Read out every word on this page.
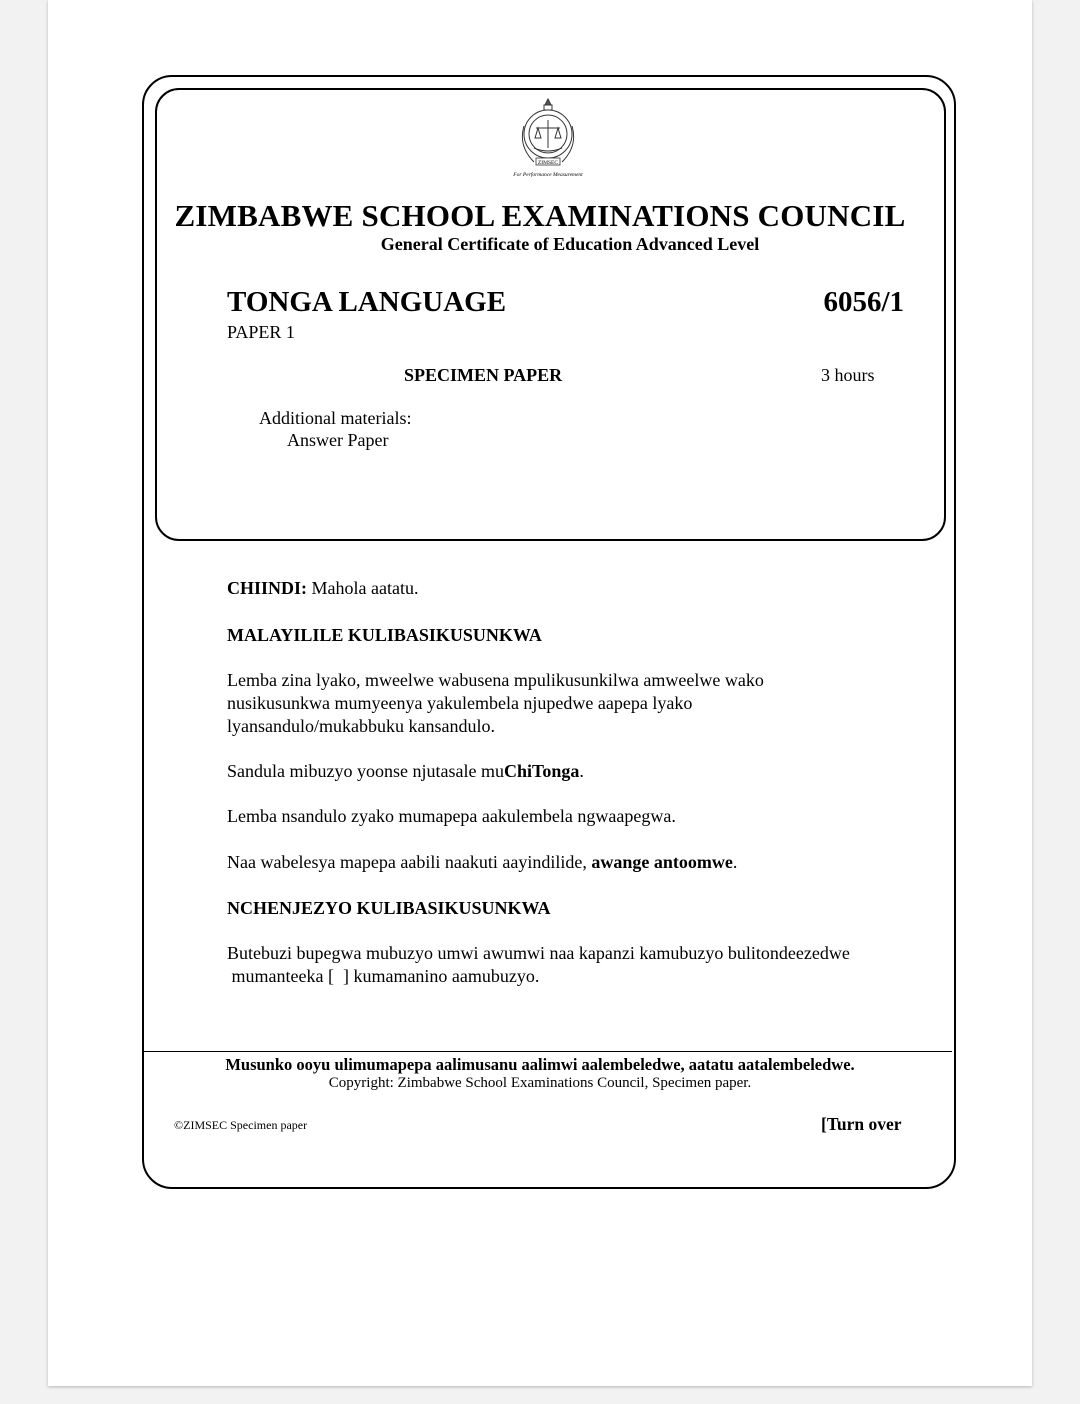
ZIMSEC
For Performance Measurement
ZIMBABWE SCHOOL EXAMINATIONS COUNCIL
General Certificate of Education Advanced Level
TONGA LANGUAGE	6056/1
PAPER 1
SPECIMEN PAPER	3 hours
Additional materials:
Answer Paper
CHIINDI: Mahola aatatu.
MALAYILILE KULIBASIKUSUNKWA
Lemba zina lyako, mweelwe wabusena mpulikusunkilwa amweelwe wako
nusikusunkwa mumyeenya yakulembela njupedwe aapepa lyako
lyansandulo/mukabbuku kansandulo.
Sandula mibuzyo yoonse njutasale muChiTonga.
Lemba nsandulo zyako mumapepa aakulembela ngwaapegwa.
Naa wabelesya mapepa aabili naakuti aayindilide, awange antoomwe.
NCHENJEZYO KULIBASIKUSUNKWA
Butebuzi bupegwa mubuzyo umwi awumwi naa kapanzi kamubuzyo bulitondeezedwe
mumanteeka [  ] kumamanino aamubuzyo.
Musunko ooyu ulimumapepa aalimusanu aalimwi aalembeledwe, aatatu aatalembeledwe.
Copyright: Zimbabwe School Examinations Council, Specimen paper.
©ZIMSEC Specimen paper	[Turn over
